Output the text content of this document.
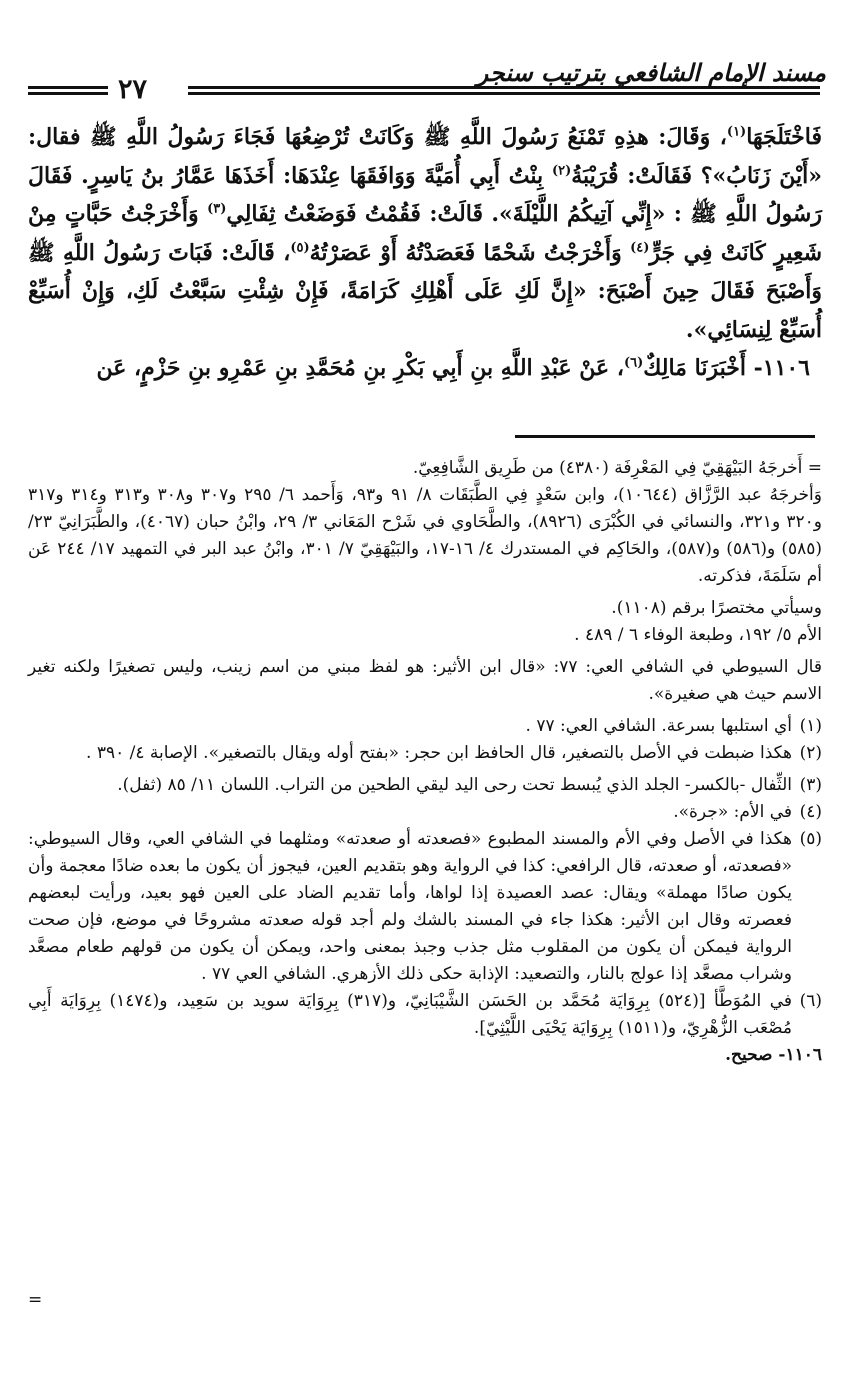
مسند الإمام الشافعي بترتيب سنجر
٢٧

فَاخْتَلَجَهَا$^{(١)}$، وَقَالَ: هذِهِ تَمْنَعُ رَسُولَ اللَّهِ ﷺ وَكَانَتْ تُرْضِعُهَا فَجَاءَ رَسُولُ اللَّهِ ﷺ فقال: «أَيْنَ زَنَابُ»؟ فَقَالَتْ: قُرَيْبَةُ$^{(٢)}$ بِنْتُ أَبِي أُمَيَّةَ وَوَافَقَهَا عِنْدَهَا: أَخَذَهَا عَمَّارُ بنُ يَاسِرٍ. فَقَالَ رَسُولُ اللَّهِ ﷺ : «إِنِّي آتِيكُمُ اللَّيْلَةَ». قَالَتْ: فَقُمْتُ فَوَضَعْتُ ثِفَالِي$^{(٣)}$ وَأَخْرَجْتُ حَبَّاتٍ مِنْ شَعِيرٍ كَانَتْ فِي جَرٍّ$^{(٤)}$ وَأَخْرَجْتُ شَحْمًا فَعَصَدْتُهُ أَوْ عَصَرْتُهُ$^{(٥)}$، قَالَتْ: فَبَاتَ رَسُولُ اللَّهِ ﷺ وَأَصْبَحَ فَقَالَ حِينَ أَصْبَحَ: «إِنَّ لَكِ عَلَى أَهْلِكِ كَرَامَةً، فَإِنْ شِئْتِ سَبَّعْتُ لَكِ، وَإِنْ أُسَبِّعْ أُسَبِّعْ لِنِسَائِي».

١١٠٦- أَخْبَرَنَا مَالِكٌ$^{(٦)}$، عَنْ عَبْدِ اللَّهِ بنِ أَبِي بَكْرِ بنِ مُحَمَّدِ بنِ عَمْرِو بنِ حَزْمٍ، عَن

= أَخرجَهُ البَيْهَقِيّ فِي المَعْرِفَة (٤٣٨٠) من طَرِيق الشَّافِعِيّ.

وَأخرجَهُ عبد الرَّزَّاق (١٠٦٤٤)، وابن سَعْدٍ فِي الطَّبَقَات ٨/ ٩١ و٩٣، وَأَحمد ٦/ ٢٩٥ و٣٠٧ و٣٠٨ و٣١٣ و٣١٤ و٣١٧ و٣٢٠ و٣٢١، والنسائي في الكُبْرَى (٨٩٢٦)، والطَّحَاوي في شَرْح المَعَاني ٣/ ٢٩، وابْنُ حبان (٤٠٦٧)، والطَّبَرَانِيّ ٢٣/ (٥٨٥) و(٥٨٦) و(٥٨٧)، والحَاكِم في المستدرك ٤/ ١٦-١٧، والبَيْهَقِيّ ٧/ ٣٠١، وابْنُ عبد البر في التمهيد ١٧/ ٢٤٤ عَن أم سَلَمَةَ، فذكرته.

وسيأتي مختصرًا برقم (١١٠٨).

الأم ٥/ ١٩٢، وطبعة الوفاء ٦ / ٤٨٩ .

قال السيوطي في الشافي العي: ٧٧: «قال ابن الأثير: هو لفظ مبني من اسم زينب، وليس تصغيرًا ولكنه تغير الاسم حيث هي صغيرة».

(١)
أي استلبها بسرعة. الشافي العي: ٧٧ .
(٢)
هكذا ضبطت في الأصل بالتصغير، قال الحافظ ابن حجر: «بفتح أوله ويقال بالتصغير». الإصابة ٤/ ٣٩٠ .
(٣)
الثِّفال -بالكسر- الجلد الذي يُبسط تحت رحى اليد ليقي الطحين من التراب. اللسان ١١/ ٨٥ (ثفل).
(٤)
في الأم: «جرة».
(٥)
هكذا في الأصل وفي الأم والمسند المطبوع «فصعدته أو صعدته» ومثلهما في الشافي العي، وقال السيوطي: «فصعدته، أو صعدته، قال الرافعي: كذا في الرواية وهو بتقديم العين، فيجوز أن يكون ما بعده ضادًا معجمة وأن يكون صادًا مهملة» ويقال: عصد العصيدة إذا لواها، وأما تقديم الضاد على العين فهو بعيد، ورأيت لبعضهم فعصرته وقال ابن الأثير: هكذا جاء في المسند بالشك ولم أجد قوله صعدته مشروحًا في موضع، فإن صحت الرواية فيمكن أن يكون من المقلوب مثل جذب وجبذ بمعنى واحد، ويمكن أن يكون من قولهم طعام مصعَّد وشراب مصعَّد إذا عولج بالنار، والتصعيد: الإذابة حكى ذلك الأزهري. الشافي العي ٧٧ .
(٦)
في المُوَطَّأ [(٥٢٤) بِرِوَايَة مُحَمَّد بن الحَسَن الشَّيْبَانِيّ، و(٣١٧) بِرِوَايَة سويد بن سَعِيد، و(١٤٧٤) بِرِوَايَة أَبِي مُصْعَب الزُّهْرِيّ، و(١٥١١) بِرِوَايَة يَحْيَى اللَّيْثِيّ].

١١٠٦- صحيح.

=
